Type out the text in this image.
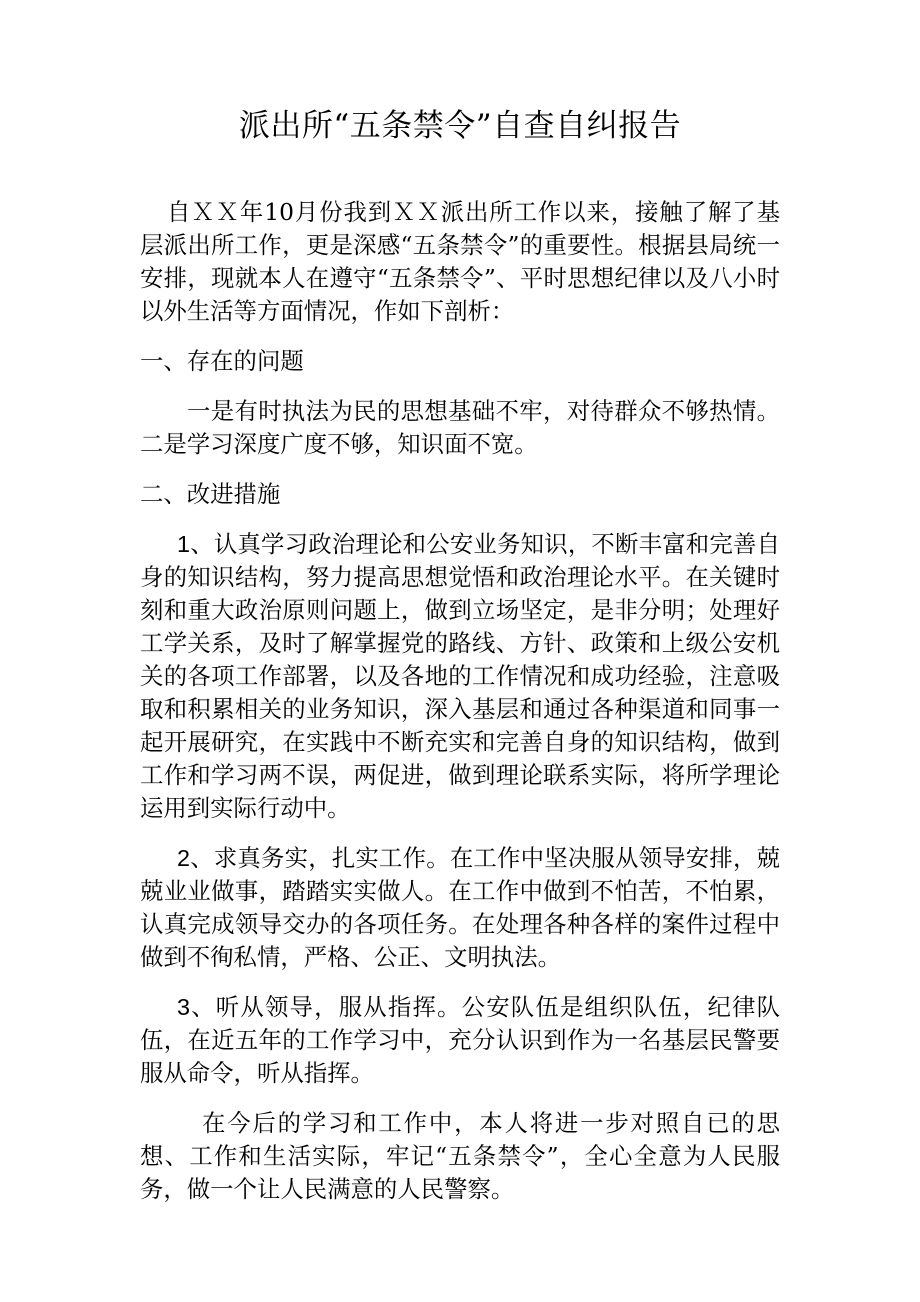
派出所“五条禁令”自查自纠报告

自ＸＸ年10月份我到ＸＸ派出所工作以来，接触了解了基层派出所工作，更是深感“五条禁令”的重要性。根据县局统一安排，现就本人在遵守“五条禁令”、平时思想纪律以及八小时以外生活等方面情况，作如下剖析：

一、存在的问题

一是有时执法为民的思想基础不牢，对待群众不够热情。二是学习深度广度不够，知识面不宽。

二、改进措施

1、认真学习政治理论和公安业务知识，不断丰富和完善自身的知识结构，努力提高思想觉悟和政治理论水平。在关键时刻和重大政治原则问题上，做到立场坚定，是非分明；处理好工学关系，及时了解掌握党的路线、方针、政策和上级公安机关的各项工作部署，以及各地的工作情况和成功经验，注意吸取和积累相关的业务知识，深入基层和通过各种渠道和同事一起开展研究，在实践中不断充实和完善自身的知识结构，做到工作和学习两不误，两促进，做到理论联系实际，将所学理论运用到实际行动中。

2、求真务实，扎实工作。在工作中坚决服从领导安排，兢兢业业做事，踏踏实实做人。在工作中做到不怕苦，不怕累，认真完成领导交办的各项任务。在处理各种各样的案件过程中做到不徇私情，严格、公正、文明执法。

3、听从领导，服从指挥。公安队伍是组织队伍，纪律队伍，在近五年的工作学习中，充分认识到作为一名基层民警要服从命令，听从指挥。

在今后的学习和工作中，本人将进一步对照自已的思想、工作和生活实际，牢记“五条禁令”，全心全意为人民服务，做一个让人民满意的人民警察。
